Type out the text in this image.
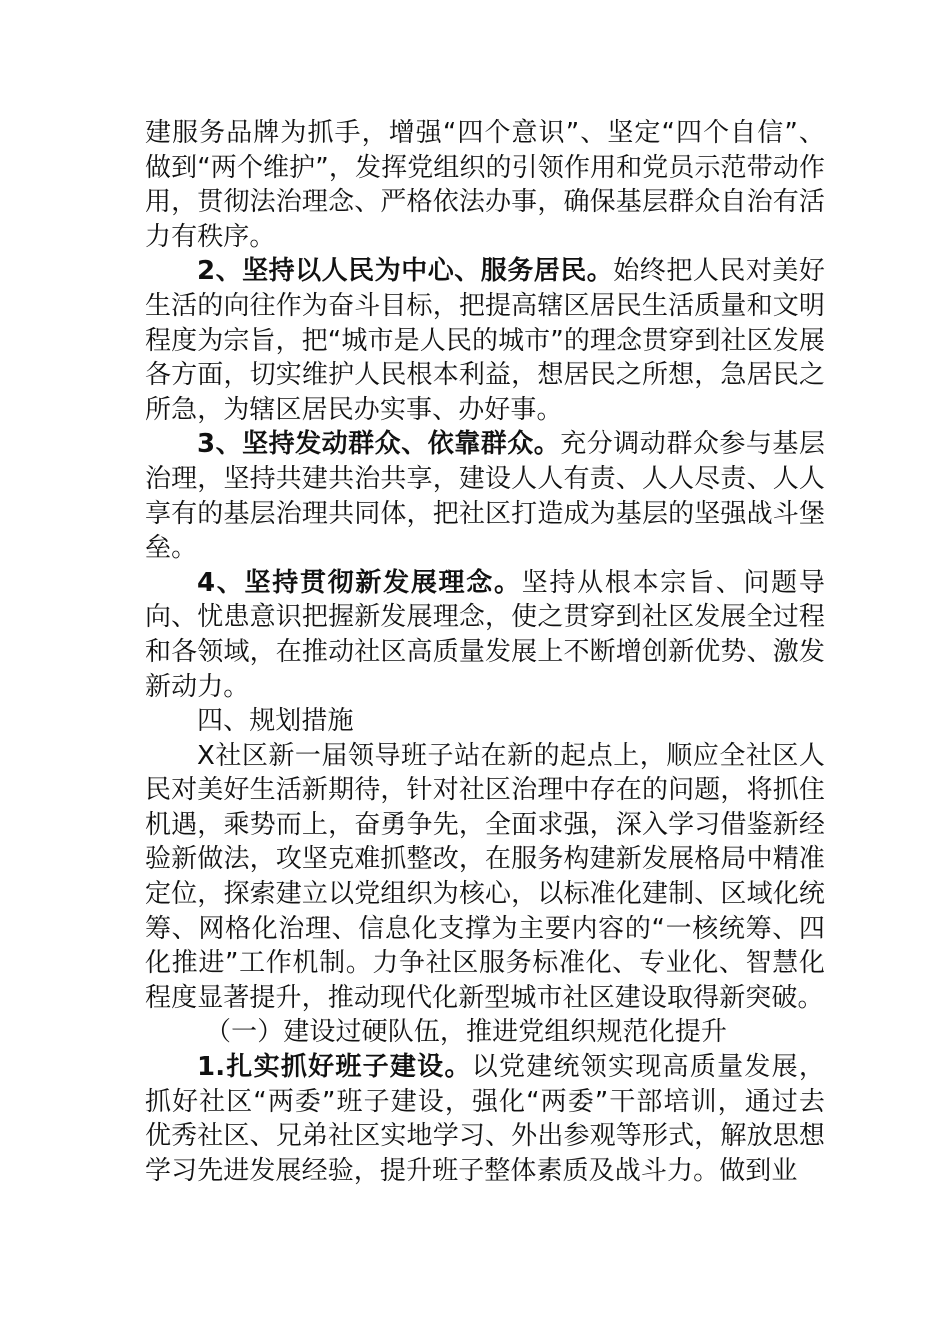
建服务品牌为抓手，增强“四个意识”、坚定“四个自信”、做到“两个维护”，发挥党组织的引领作用和党员示范带动作用，贯彻法治理念、严格依法办事，确保基层群众自治有活力有秩序。

2、坚持以人民为中心、服务居民。始终把人民对美好生活的向往作为奋斗目标，把提高辖区居民生活质量和文明程度为宗旨，把“城市是人民的城市”的理念贯穿到社区发展各方面，切实维护人民根本利益，想居民之所想，急居民之所急，为辖区居民办实事、办好事。

3、坚持发动群众、依靠群众。充分调动群众参与基层治理，坚持共建共治共享，建设人人有责、人人尽责、人人享有的基层治理共同体，把社区打造成为基层的坚强战斗堡垒。

4、坚持贯彻新发展理念。坚持从根本宗旨、问题导向、忧患意识把握新发展理念，使之贯穿到社区发展全过程和各领域，在推动社区高质量发展上不断增创新优势、激发新动力。

四、规划措施

X社区新一届领导班子站在新的起点上，顺应全社区人民对美好生活新期待，针对社区治理中存在的问题，将抓住机遇，乘势而上，奋勇争先，全面求强，深入学习借鉴新经验新做法，攻坚克难抓整改，在服务构建新发展格局中精准定位，探索建立以党组织为核心，以标准化建制、区域化统筹、网格化治理、信息化支撑为主要内容的“一核统筹、四化推进”工作机制。力争社区服务标准化、专业化、智慧化程度显著提升，推动现代化新型城市社区建设取得新突破。

（一）建设过硬队伍，推进党组织规范化提升

1.扎实抓好班子建设。以党建统领实现高质量发展，抓好社区“两委”班子建设，强化“两委”干部培训，通过去优秀社区、兄弟社区实地学习、外出参观等形式，解放思想学习先进发展经验，提升班子整体素质及战斗力。做到业
